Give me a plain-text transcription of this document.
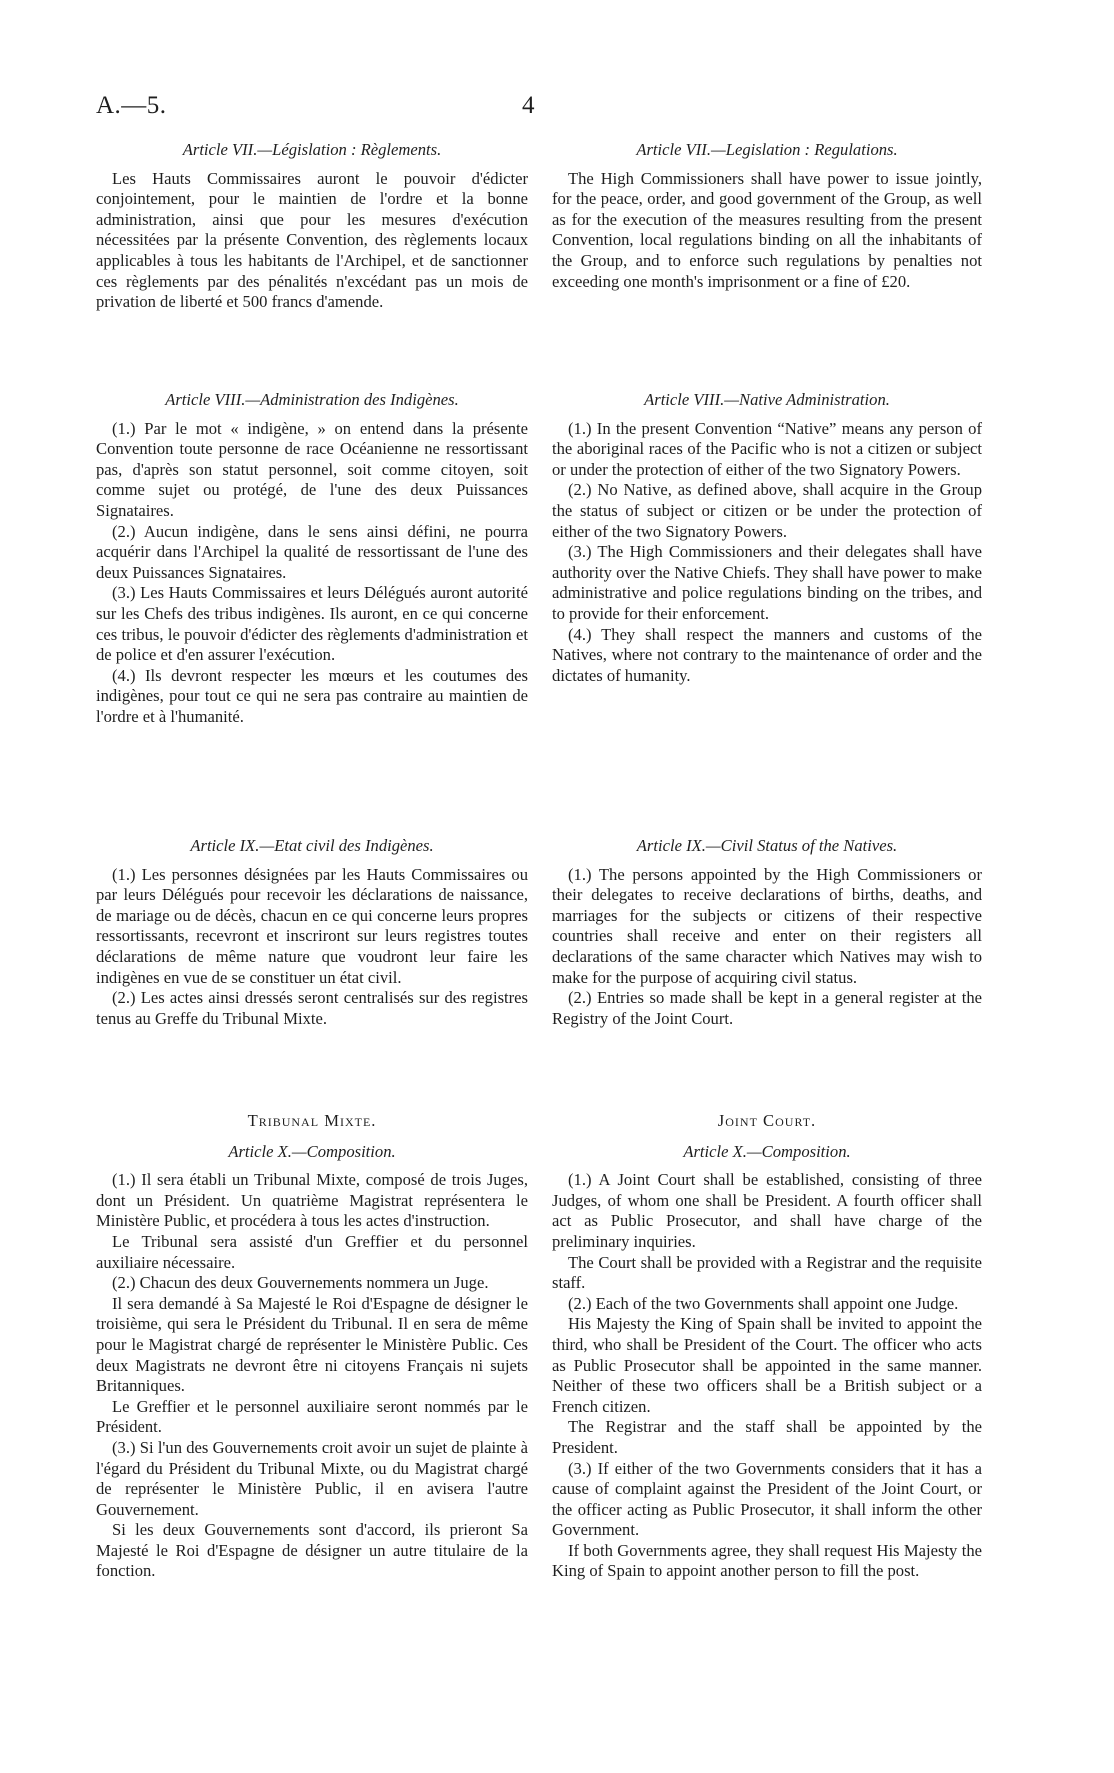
A.—5.	4
Article VII.—Législation : Règlements.

Les Hauts Commissaires auront le pouvoir d'édicter conjointement, pour le maintien de l'ordre et la bonne administration, ainsi que pour les mesures d'exécution nécessitées par la présente Convention, des règlements locaux applicables à tous les habitants de l'Archipel, et de sanctionner ces règlements par des pénalités n'excédant pas un mois de privation de liberté et 500 francs d'amende.

Article VIII.—Administration des Indigènes.

(1.) Par le mot « indigène, » on entend dans la présente Convention toute personne de race Océanienne ne ressortissant pas, d'après son statut personnel, soit comme citoyen, soit comme sujet ou protégé, de l'une des deux Puissances Signataires.

(2.) Aucun indigène, dans le sens ainsi défini, ne pourra acquérir dans l'Archipel la qualité de ressortissant de l'une des deux Puissances Signataires.

(3.) Les Hauts Commissaires et leurs Délégués auront autorité sur les Chefs des tribus indigènes. Ils auront, en ce qui concerne ces tribus, le pouvoir d'édicter des règlements d'administration et de police et d'en assurer l'exécution.

(4.) Ils devront respecter les mœurs et les coutumes des indigènes, pour tout ce qui ne sera pas contraire au maintien de l'ordre et à l'humanité.

Article IX.—Etat civil des Indigènes.

(1.) Les personnes désignées par les Hauts Commissaires ou par leurs Délégués pour recevoir les déclarations de naissance, de mariage ou de décès, chacun en ce qui concerne leurs propres ressortissants, recevront et inscriront sur leurs registres toutes déclarations de même nature que voudront leur faire les indigènes en vue de se constituer un état civil.

(2.) Les actes ainsi dressés seront centralisés sur des registres tenus au Greffe du Tribunal Mixte.

Tribunal Mixte.
Article X.—Composition.

(1.) Il sera établi un Tribunal Mixte, composé de trois Juges, dont un Président. Un quatrième Magistrat représentera le Ministère Public, et procédera à tous les actes d'instruction.

Le Tribunal sera assisté d'un Greffier et du personnel auxiliaire nécessaire.

(2.) Chacun des deux Gouvernements nommera un Juge.

Il sera demandé à Sa Majesté le Roi d'Espagne de désigner le troisième, qui sera le Président du Tribunal. Il en sera de même pour le Magistrat chargé de représenter le Ministère Public. Ces deux Magistrats ne devront être ni citoyens Français ni sujets Britanniques.

Le Greffier et le personnel auxiliaire seront nommés par le Président.

(3.) Si l'un des Gouvernements croit avoir un sujet de plainte à l'égard du Président du Tribunal Mixte, ou du Magistrat chargé de représenter le Ministère Public, il en avisera l'autre Gouvernement.

Si les deux Gouvernements sont d'accord, ils prieront Sa Majesté le Roi d'Espagne de désigner un autre titulaire de la fonction.

Article VII.—Legislation : Regulations.

The High Commissioners shall have power to issue jointly, for the peace, order, and good government of the Group, as well as for the execution of the measures resulting from the present Convention, local regulations binding on all the inhabitants of the Group, and to enforce such regulations by penalties not exceeding one month's imprisonment or a fine of £20.

Article VIII.—Native Administration.

(1.) In the present Convention “Native” means any person of the aboriginal races of the Pacific who is not a citizen or subject or under the protection of either of the two Signatory Powers.

(2.) No Native, as defined above, shall acquire in the Group the status of subject or citizen or be under the protection of either of the two Signatory Powers.

(3.) The High Commissioners and their delegates shall have authority over the Native Chiefs. They shall have power to make administrative and police regulations binding on the tribes, and to provide for their enforcement.

(4.) They shall respect the manners and customs of the Natives, where not contrary to the maintenance of order and the dictates of humanity.

Article IX.—Civil Status of the Natives.

(1.) The persons appointed by the High Commissioners or their delegates to receive declarations of births, deaths, and marriages for the subjects or citizens of their respective countries shall receive and enter on their registers all declarations of the same character which Natives may wish to make for the purpose of acquiring civil status.

(2.) Entries so made shall be kept in a general register at the Registry of the Joint Court.

Joint Court.
Article X.—Composition.

(1.) A Joint Court shall be established, consisting of three Judges, of whom one shall be President. A fourth officer shall act as Public Prosecutor, and shall have charge of the preliminary inquiries.

The Court shall be provided with a Registrar and the requisite staff.

(2.) Each of the two Governments shall appoint one Judge.

His Majesty the King of Spain shall be invited to appoint the third, who shall be President of the Court. The officer who acts as Public Prosecutor shall be appointed in the same manner. Neither of these two officers shall be a British subject or a French citizen.

The Registrar and the staff shall be appointed by the President.

(3.) If either of the two Governments considers that it has a cause of complaint against the President of the Joint Court, or the officer acting as Public Prosecutor, it shall inform the other Government.

If both Governments agree, they shall request His Majesty the King of Spain to appoint another person to fill the post.
